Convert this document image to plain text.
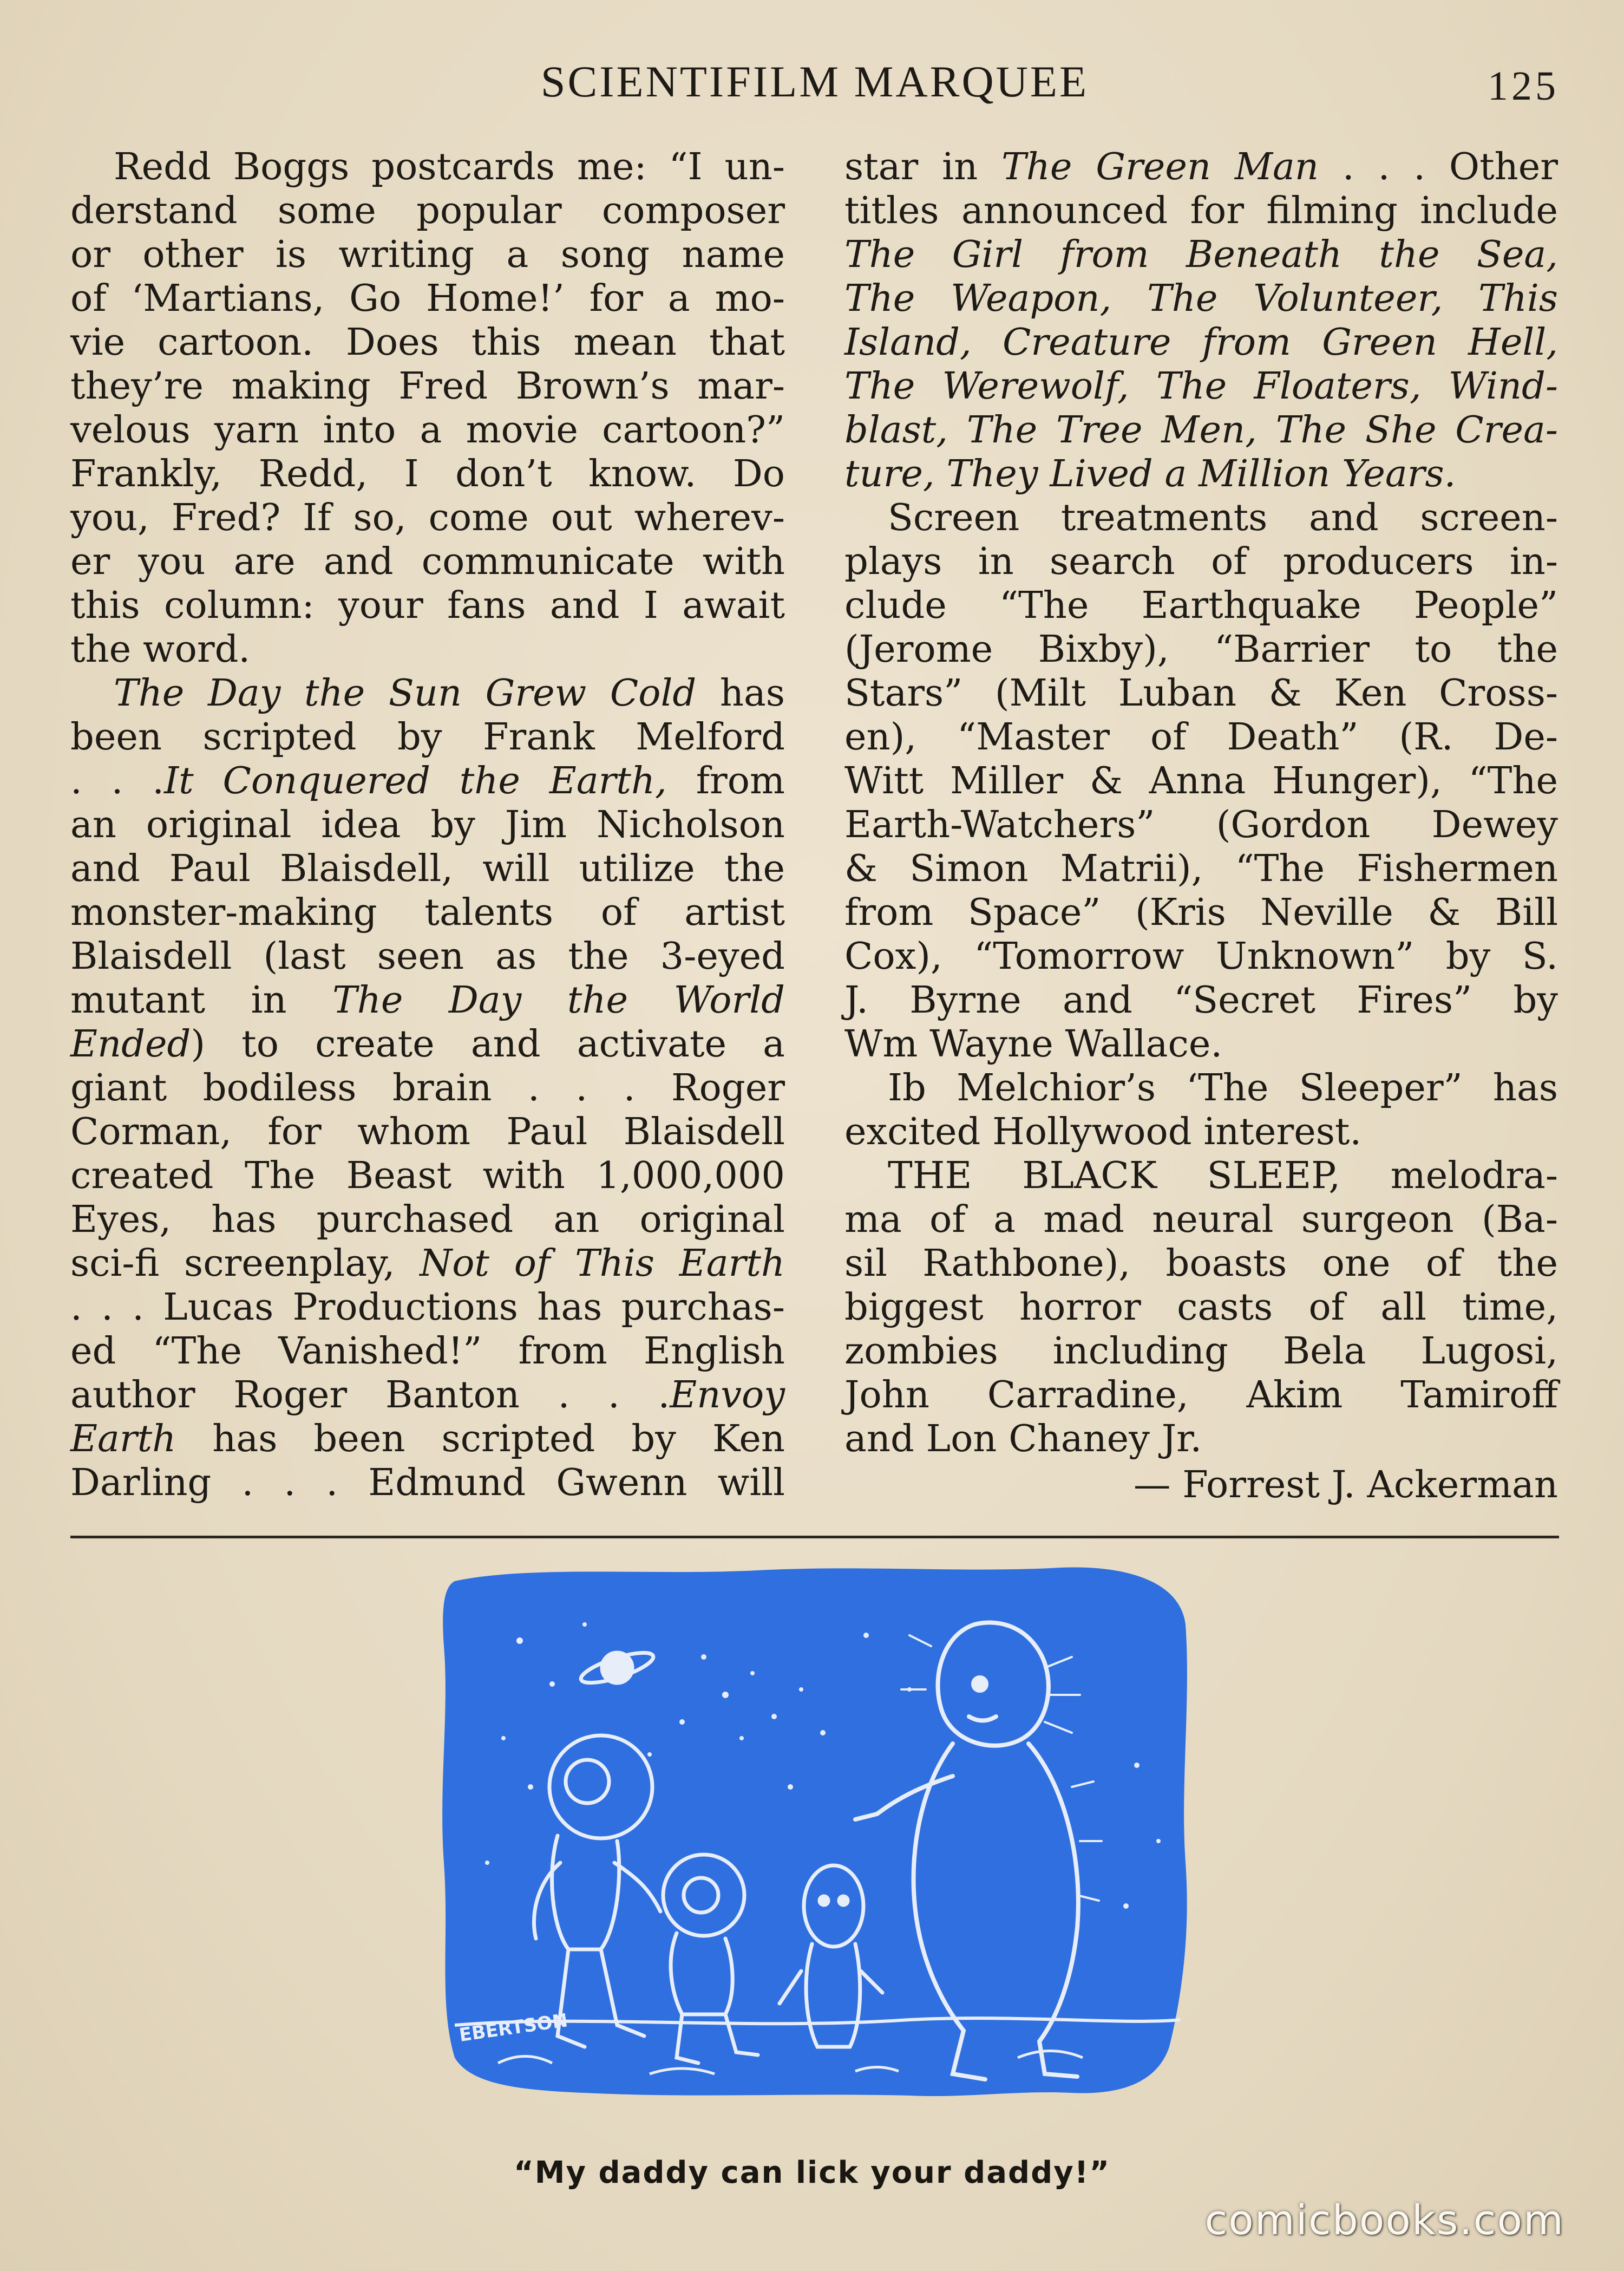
SCIENTIFILM MARQUEE	125
Redd Boggs postcards me: “I un-
derstand some popular composer
or other is writing a song name
of ‘Martians, Go Home!’ for a mo-
vie cartoon. Does this mean that
they’re making Fred Brown’s mar-
velous yarn into a movie cartoon?”
Frankly, Redd, I don’t know. Do
you, Fred? If so, come out wherev-
er you are and communicate with
this column: your fans and I await
the word.
The Day the Sun Grew Cold has
been scripted by Frank Melford
. . .It Conquered the Earth, from
an original idea by Jim Nicholson
and Paul Blaisdell, will utilize the
monster-making talents of artist
Blaisdell (last seen as the 3-eyed
mutant in The Day the World
Ended) to create and activate a
giant bodiless brain . . . Roger
Corman, for whom Paul Blaisdell
created The Beast with 1,000,000
Eyes, has purchased an original
sci-fi screenplay, Not of This Earth
. . . Lucas Productions has purchas-
ed “The Vanished!” from English
author Roger Banton . . .Envoy
Earth has been scripted by Ken
Darling . . . Edmund Gwenn will
star in The Green Man . . . Other
titles announced for filming include
The Girl from Beneath the Sea,
The Weapon, The Volunteer, This
Island, Creature from Green Hell,
The Werewolf, The Floaters, Wind-
blast, The Tree Men, The She Crea-
ture, They Lived a Million Years.
Screen treatments and screen-
plays in search of producers in-
clude “The Earthquake People”
(Jerome Bixby), “Barrier to the
Stars” (Milt Luban & Ken Cross-
en), “Master of Death” (R. De-
Witt Miller & Anna Hunger), “The
Earth-Watchers” (Gordon Dewey
& Simon Matrii), “The Fishermen
from Space” (Kris Neville & Bill
Cox), “Tomorrow Unknown” by S.
J. Byrne and “Secret Fires” by
Wm Wayne Wallace.
Ib Melchior’s ‘The Sleeper” has
excited Hollywood interest.
THE BLACK SLEEP, melodra-
ma of a mad neural surgeon (Ba-
sil Rathbone), boasts one of the
biggest horror casts of all time,
zombies including Bela Lugosi,
John Carradine, Akim Tamiroff
and Lon Chaney Jr.
— Forrest J. Ackerman
EBERTSON
“My daddy can lick your daddy!”
comicbooks.com
